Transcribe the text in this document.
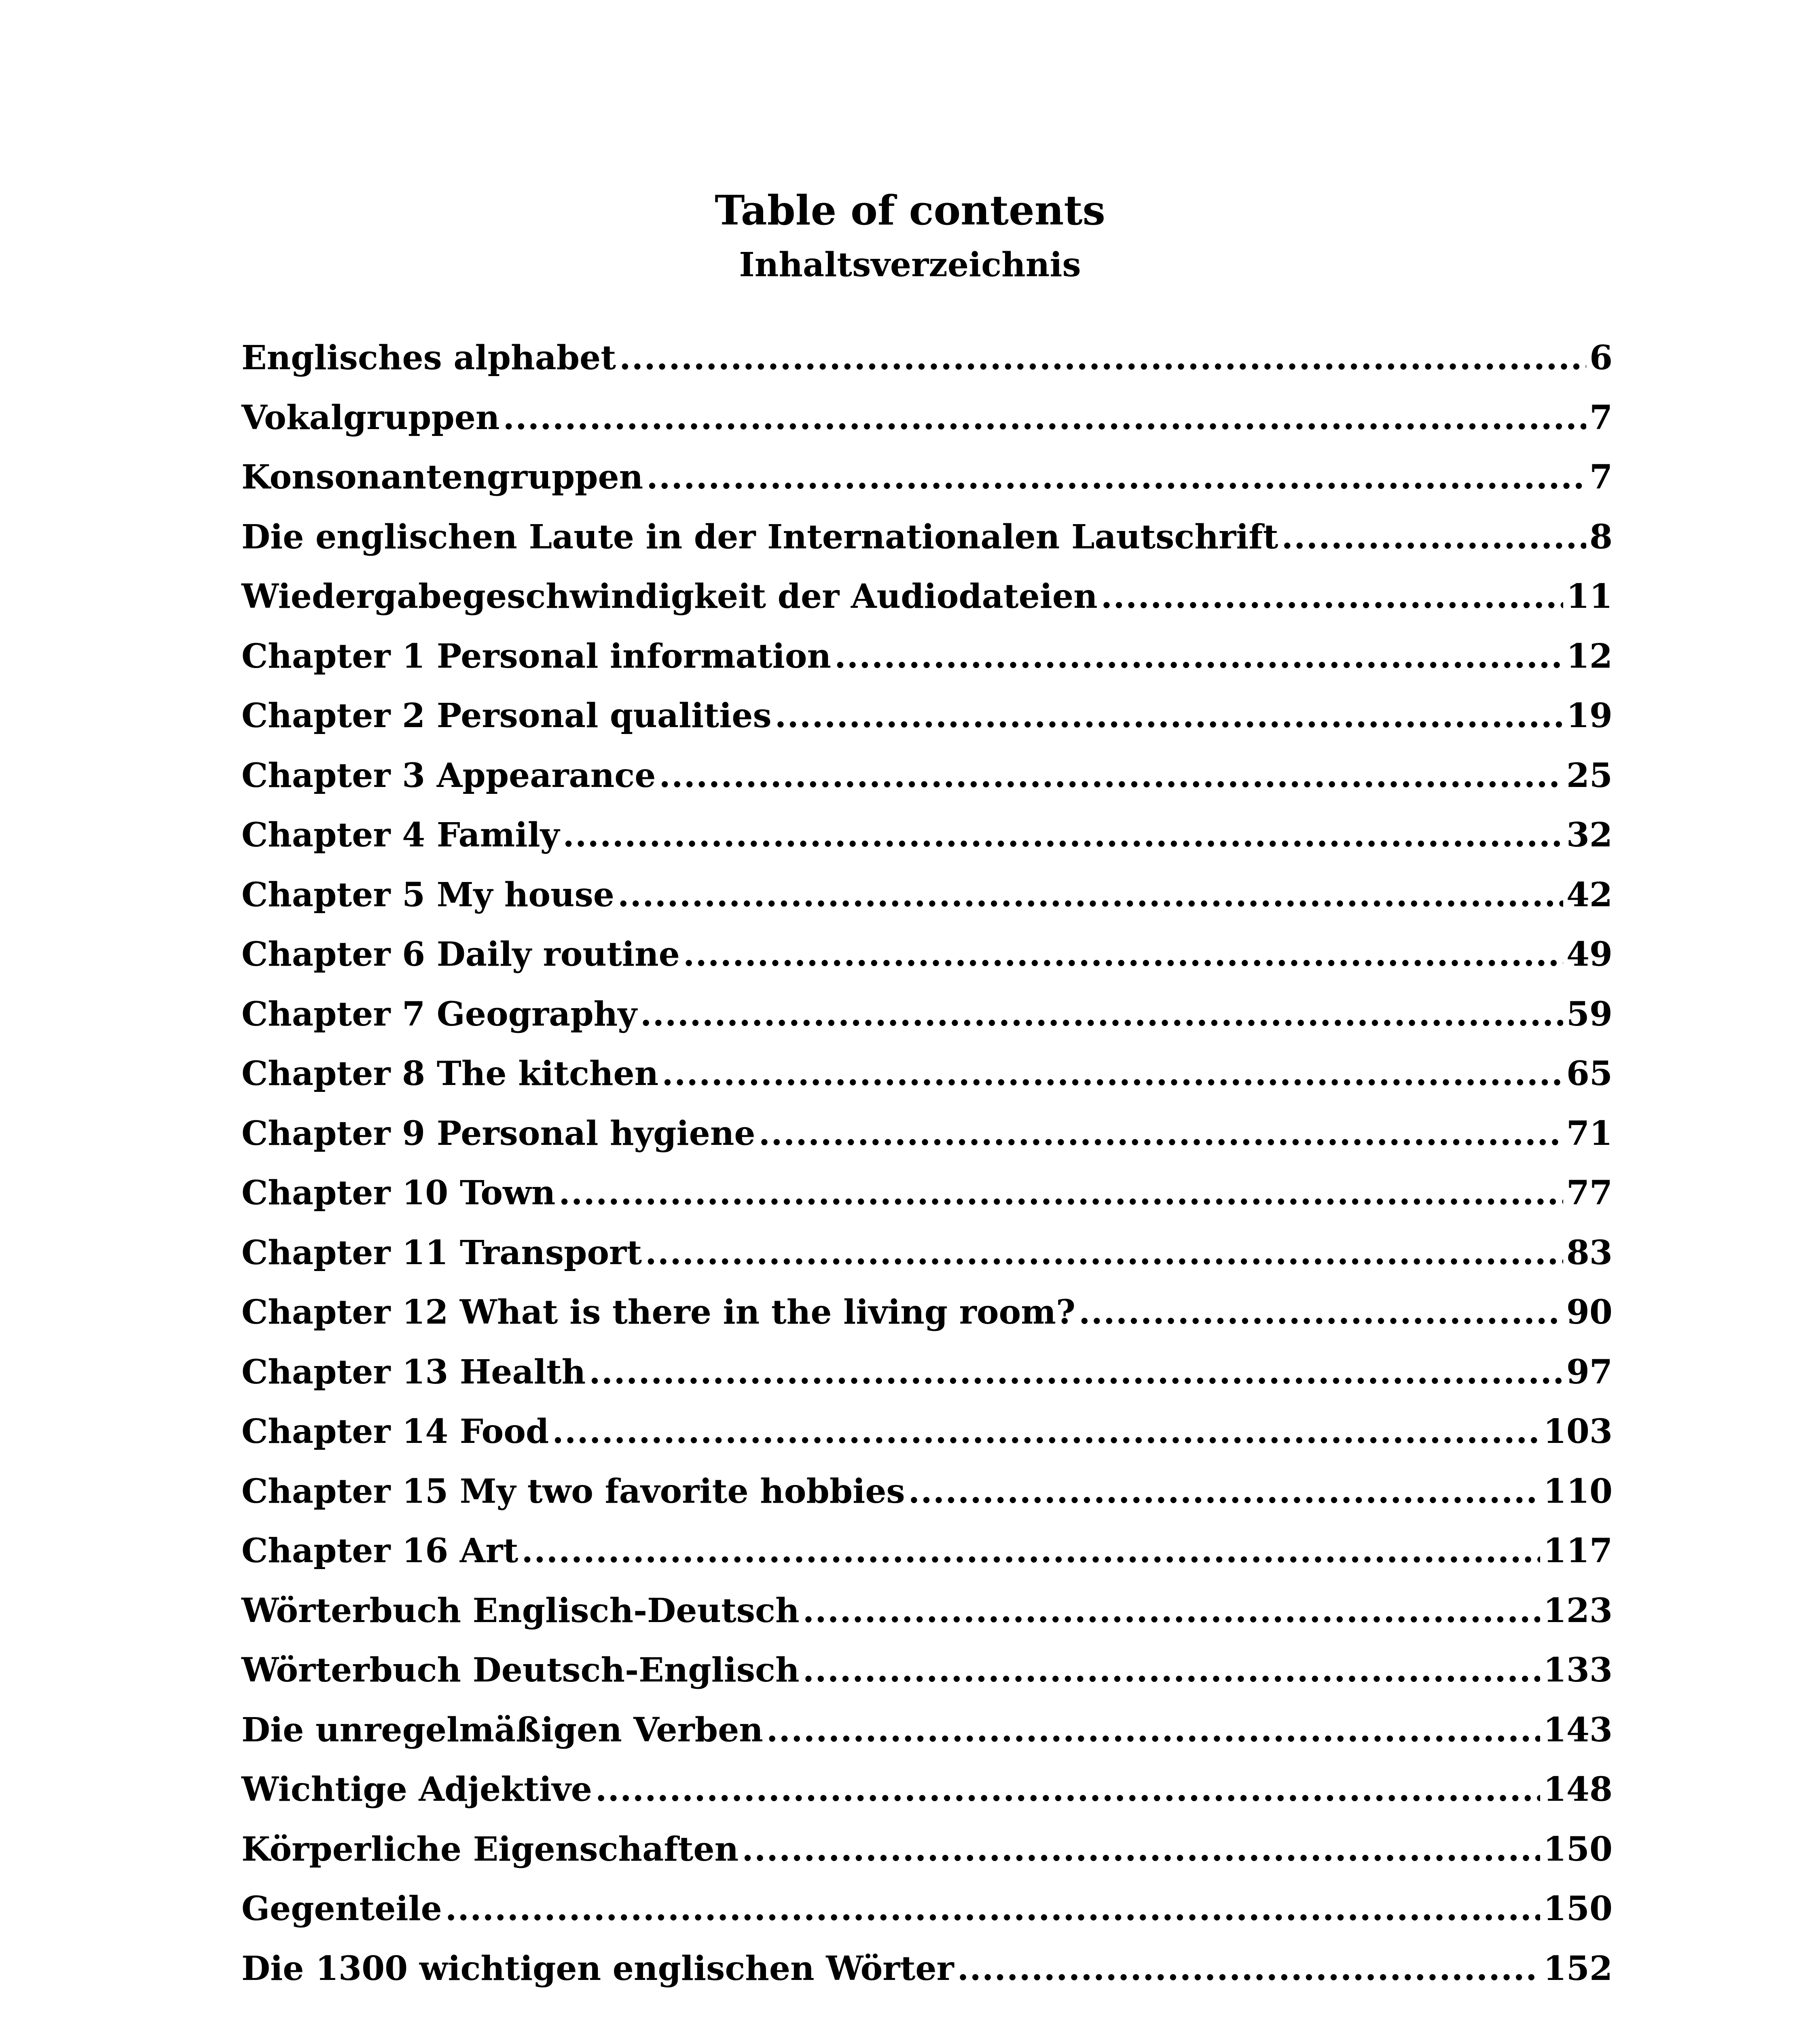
Table of contents
Inhaltsverzeichnis
Englisches alphabet .....	6
Vokalgruppen .....	7
Konsonantengruppen .....	7
Die englischen Laute in der Internationalen Lautschrift .....	8
Wiedergabegeschwindigkeit der Audiodateien .....	11
Chapter 1 Personal information .....	12
Chapter 2 Personal qualities .....	19
Chapter 3 Appearance .....	25
Chapter 4 Family .....	32
Chapter 5 My house .....	42
Chapter 6 Daily routine .....	49
Chapter 7 Geography .....	59
Chapter 8 The kitchen .....	65
Chapter 9 Personal hygiene .....	71
Chapter 10 Town .....	77
Chapter 11 Transport .....	83
Chapter 12 What is there in the living room? .....	90
Chapter 13 Health .....	97
Chapter 14 Food .....	103
Chapter 15 My two favorite hobbies .....	110
Chapter 16 Art .....	117
Wörterbuch Englisch-Deutsch .....	123
Wörterbuch Deutsch-Englisch .....	133
Die unregelmäßigen Verben .....	143
Wichtige Adjektive .....	148
Körperliche Eigenschaften .....	150
Gegenteile .....	150
Die 1300 wichtigen englischen Wörter .....	152
